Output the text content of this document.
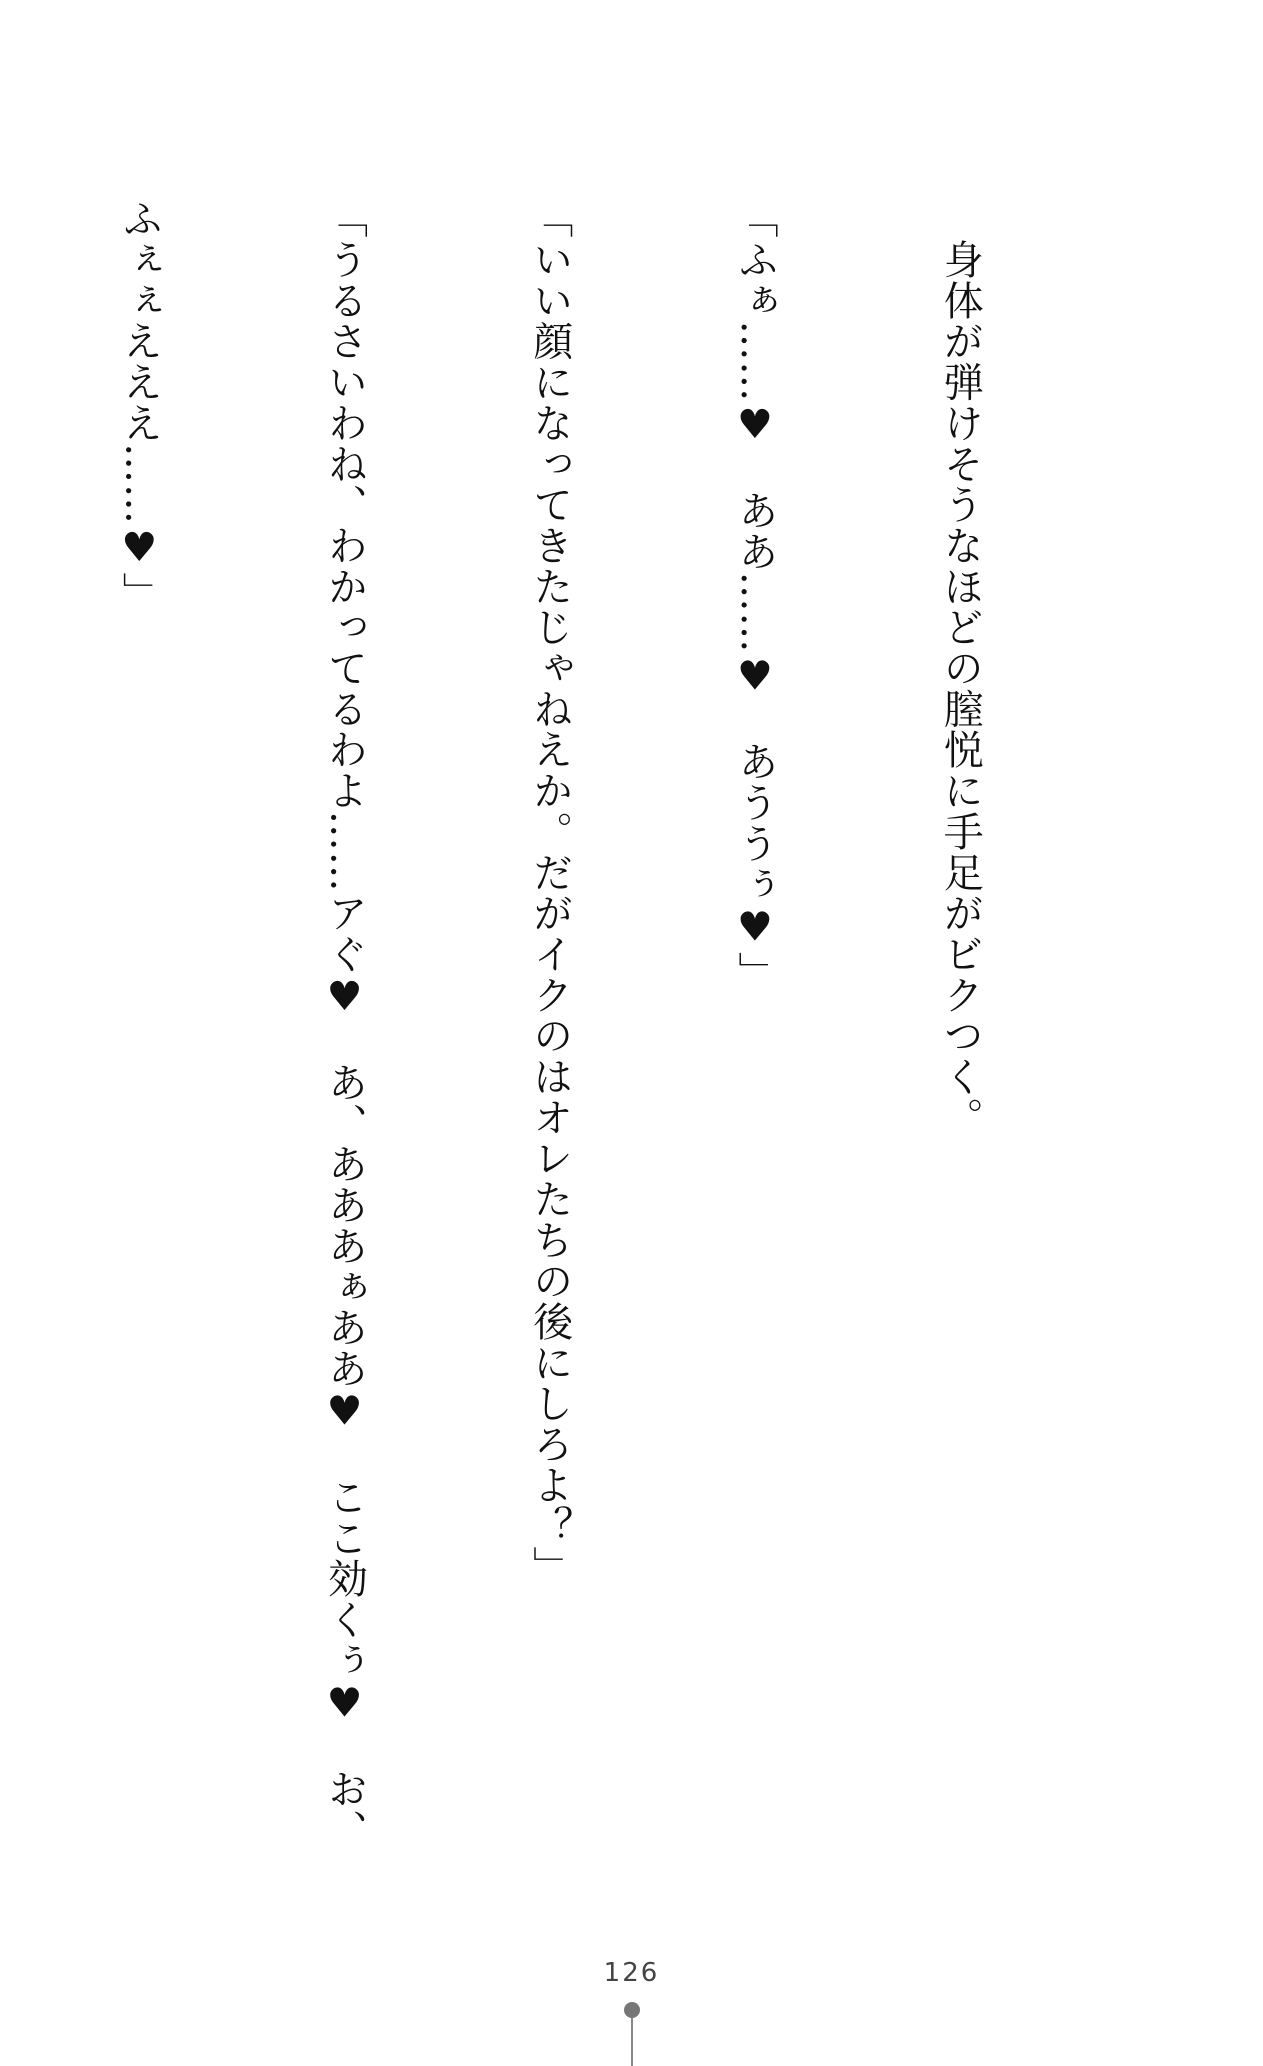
　身体が弾けそうなほどの膣悦に手足がビクつく。

「ふぁ……♥　ああ……♥　あううぅ♥」

「いい顔になってきたじゃねえか。だがイクのはオレたちの後にしろよ？」

「うるさいわね、わかってるわよ……アぐ♥　あ、あああぁああ♥　ここ効くぅ♥　お、

ふぇぇえええ……♥」

126
